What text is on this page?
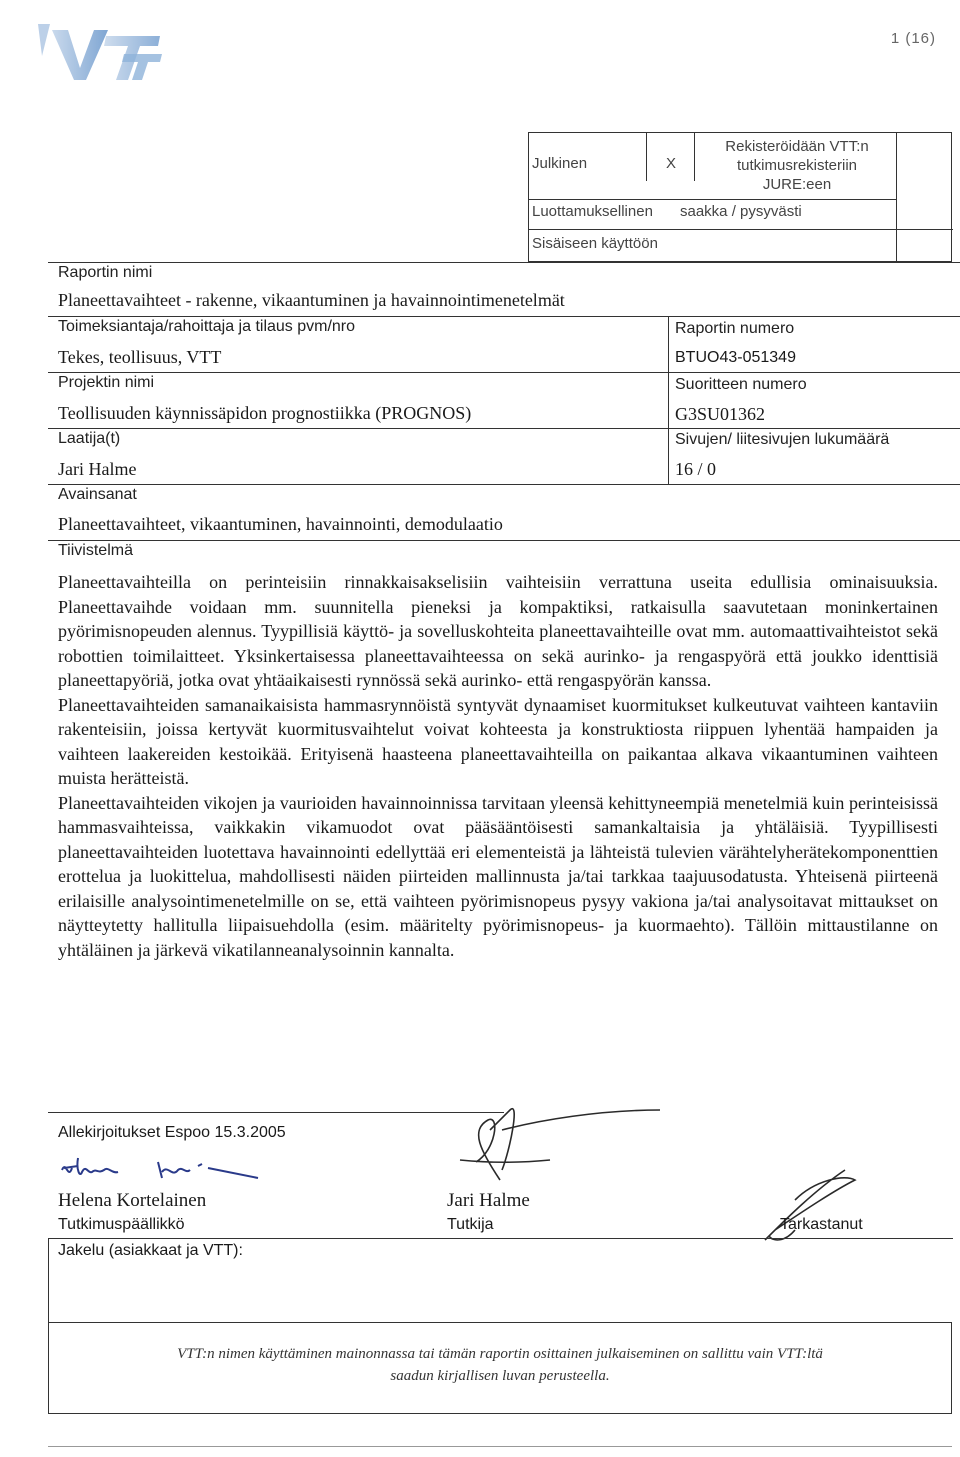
VTT
1 (16)
Julkinen	X
Rekisteröidään VTT:n
tutkimusrekisteriin
JURE:een
Luottamuksellinen saakka / pysyvästi
Sisäiseen käyttöön
Raportin nimi
Planeettavaihteet - rakenne, vikaantuminen ja havainnointimenetelmät
Toimeksiantaja/rahoittaja ja tilaus pvm/nro
Tekes, teollisuus, VTT
Raportin numero
BTUO43-051349
Projektin nimi
Teollisuuden käynnissäpidon prognostiikka (PROGNOS)
Suoritteen numero
G3SU01362
Laatija(t)
Jari Halme
Sivujen/ liitesivujen lukumäärä
16 / 0
Avainsanat
Planeettavaihteet, vikaantuminen, havainnointi, demodulaatio
Tiivistelmä

Planeettavaihteilla on perinteisiin rinnakkaisakselisiin vaihteisiin verrattuna useita edullisia ominaisuuksia. Planeettavaihde voidaan mm. suunnitella pieneksi ja kompaktiksi, ratkaisulla saavutetaan moninkertainen pyörimisnopeuden alennus. Tyypillisiä käyttö- ja sovelluskohteita planeettavaihteille ovat mm. automaattivaihteistot sekä robottien toimilaitteet. Yksinkertaisessa planeettavaihteessa on sekä aurinko- ja rengaspyörä että joukko identtisiä planeettapyöriä, jotka ovat yhtäaikaisesti rynnössä sekä aurinko- että rengaspyörän kanssa.

Planeettavaihteiden samanaikaisista hammasrynnöistä syntyvät dynaamiset kuormitukset kulkeutuvat vaihteen kantaviin rakenteisiin, joissa kertyvät kuormitusvaihtelut voivat kohteesta ja konstruktiosta riippuen lyhentää hampaiden ja vaihteen laakereiden kestoikää. Erityisenä haasteena planeettavaihteilla on paikantaa alkava vikaantuminen vaihteen muista herätteistä.

Planeettavaihteiden vikojen ja vaurioiden havainnoinnissa tarvitaan yleensä kehittyneempiä menetelmiä kuin perinteisissä hammasvaihteissa, vaikkakin vikamuodot ovat pääsääntöisesti samankaltaisia ja yhtäläisiä. Tyypillisesti planeettavaihteiden luotettava havainnointi edellyttää eri elementeistä ja lähteistä tulevien värähtelyherätekomponenttien erottelua ja luokittelua, mahdollisesti näiden piirteiden mallinnusta ja/tai tarkkaa taajuusodatusta. Yhteisenä piirteenä erilaisille analysointimenetelmille on se, että vaihteen pyörimisnopeus pysyy vakiona ja/tai analysoitavat mittaukset on näytteytetty hallitulla liipaisuehdolla (esim. määritelty pyörimisnopeus- ja kuormaehto). Tällöin mittaustilanne on yhtäläinen ja järkevä vikatilanneanalysoinnin kannalta.

Allekirjoitukset Espoo 15.3.2005
Helena Kortelainen
Tutkimuspäällikkö
Jari Halme
Tutkija	Tarkastanut
Jakelu (asiakkaat ja VTT):
VTT:n nimen käyttäminen mainonnassa tai tämän raportin osittainen julkaiseminen on sallittu vain VTT:ltä
saadun kirjallisen luvan perusteella.
